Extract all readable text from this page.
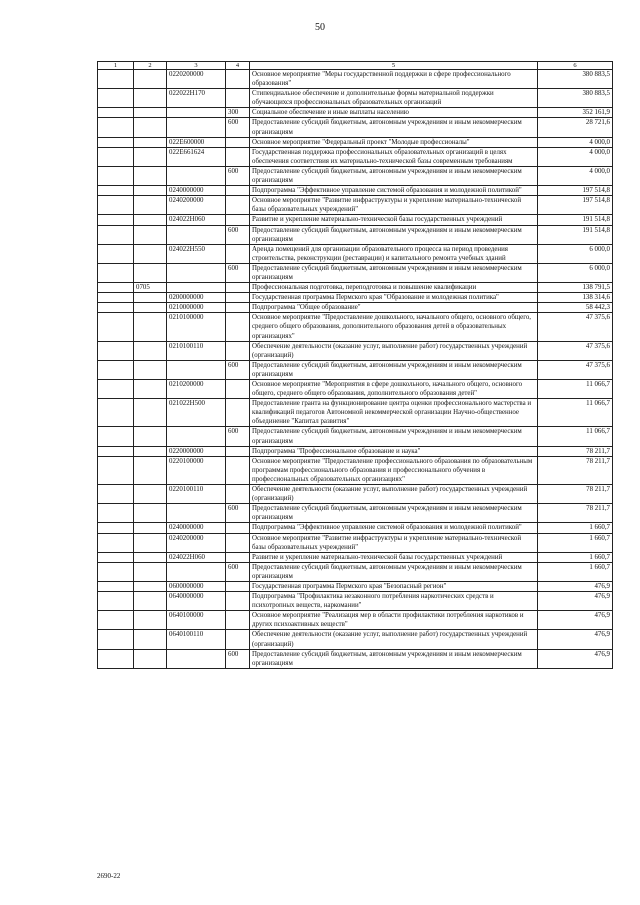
50
1	2	3	4	5	6
		0220200000		Основное мероприятие "Меры государственной поддержки в сфере профессионального образования"	380 883,5
		022022Н170		Стипендиальное обеспечение и дополнительные формы материальной поддержки обучающихся профессиональных образовательных организаций	380 883,5
			300	Социальное обеспечение и иные выплаты населению	352 161,9
			600	Предоставление субсидий бюджетным, автономным учреждениям и иным некоммерческим организациям	28 721,6
		022Е600000		Основное мероприятие "Федеральный проект "Молодые профессионалы"	4 000,0
		022Е661624		Государственная поддержка профессиональных образовательных организаций в целях обеспечения соответствия их материально-технической базы современным требованиям	4 000,0
			600	Предоставление субсидий бюджетным, автономным учреждениям и иным некоммерческим организациям	4 000,0
		0240000000		Подпрограмма "Эффективное управление системой образования и молодежной политикой"	197 514,8
		0240200000		Основное мероприятие "Развитие инфраструктуры и укрепление материально-технической базы образовательных учреждений"	197 514,8
		024022Н060		Развитие и укрепление материально-технической базы государственных учреждений	191 514,8
			600	Предоставление субсидий бюджетным, автономным учреждениям и иным некоммерческим организациям	191 514,8
		024022Н550		Аренда помещений для организации образовательного процесса на период проведения строительства, реконструкции (реставрации) и капитального ремонта учебных зданий	6 000,0
			600	Предоставление субсидий бюджетным, автономным учреждениям и иным некоммерческим организациям	6 000,0
	0705			Профессиональная подготовка, переподготовка и повышение квалификации	138 791,5
		0200000000		Государственная программа Пермского края "Образование и молодежная политика"	138 314,6
		0210000000		Подпрограмма "Общее образование"	58 442,3
		0210100000		Основное мероприятие "Предоставление дошкольного, начального общего, основного общего, среднего общего образования, дополнительного образования детей в образовательных организациях"	47 375,6
		0210100110		Обеспечение деятельности (оказание услуг, выполнение работ) государственных учреждений (организаций)	47 375,6
			600	Предоставление субсидий бюджетным, автономным учреждениям и иным некоммерческим организациям	47 375,6
		0210200000		Основное мероприятие "Мероприятия в сфере дошкольного, начального общего, основного общего, среднего общего образования, дополнительного образования детей"	11 066,7
		021022Н500		Предоставление гранта на функционирование центра оценки профессионального мастерства и квалификаций педагогов Автономной некоммерческой организации Научно-общественное объединение "Капитал развития"	11 066,7
			600	Предоставление субсидий бюджетным, автономным учреждениям и иным некоммерческим организациям	11 066,7
		0220000000		Подпрограмма "Профессиональное образование и наука"	78 211,7
		0220100000		Основное мероприятие "Предоставление профессионального образования по образовательным программам профессионального образования и профессионального обучения в профессиональных образовательных организациях"	78 211,7
		0220100110		Обеспечение деятельности (оказание услуг, выполнение работ) государственных учреждений (организаций)	78 211,7
			600	Предоставление субсидий бюджетным, автономным учреждениям и иным некоммерческим организациям	78 211,7
		0240000000		Подпрограмма "Эффективное управление системой образования и молодежной политикой"	1 660,7
		0240200000		Основное мероприятие "Развитие инфраструктуры и укрепление материально-технической базы образовательных учреждений"	1 660,7
		024022Н060		Развитие и укрепление материально-технической базы государственных учреждений	1 660,7
			600	Предоставление субсидий бюджетным, автономным учреждениям и иным некоммерческим организациям	1 660,7
		0600000000		Государственная программа Пермского края "Безопасный регион"	476,9
		0640000000		Подпрограмма "Профилактика незаконного потребления наркотических средств и психотропных веществ, наркомании"	476,9
		0640100000		Основное мероприятие "Реализация мер в области профилактики потребления наркотиков и других психоактивных веществ"	476,9
		0640100110		Обеспечение деятельности (оказание услуг, выполнение работ) государственных учреждений (организаций)	476,9
			600	Предоставление субсидий бюджетным, автономным учреждениям и иным некоммерческим организациям	476,9
2690-22
